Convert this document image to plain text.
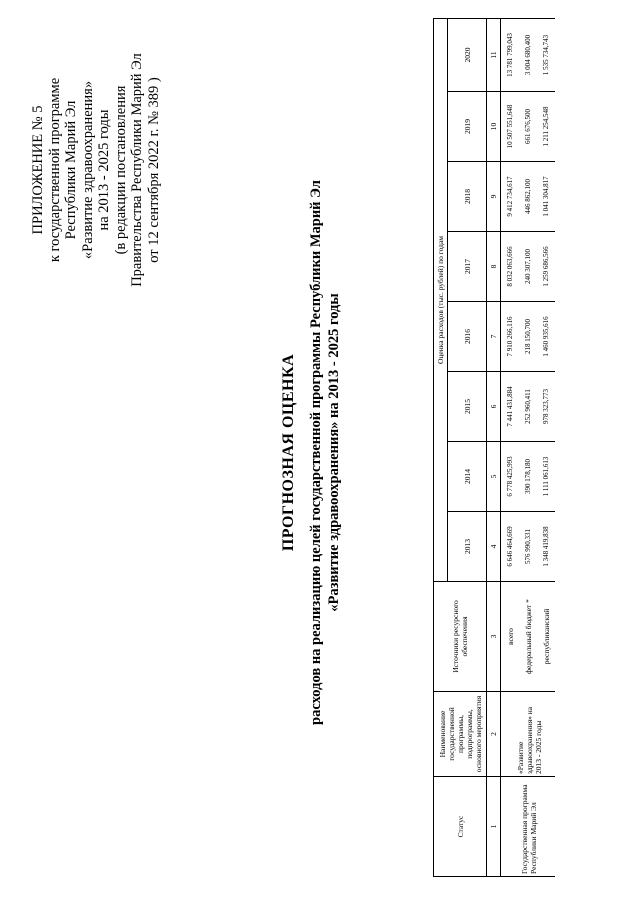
ПРИЛОЖЕНИЕ № 5 к государственной программе Республики Марий Эл «Развитие здравоохранения» на 2013 - 2025 годы (в редакции постановления Правительства Республики Марий Эл от 12 сентября 2022 г. № 389 )
ПРОГНОЗНАЯ ОЦЕНКА расходов на реализацию целей государственной программы Республики Марий Эл «Развитие здравоохранения» на 2013 - 2025 годы
Статус	Наименование государственной программы, подпрограммы, основного мероприятия	Источники ресурсного обеспечения	Оценка расходов (тыс. рублей) по годам							
			2013	2014	2015	2016	2017	2018	2019	2020
1	2	3	4	5	6	7	8	9	10	11
Государственная программа Республики Марий Эл	«Развитие здравоохранения» на 2013 - 2025 годы	всего	6 646 464,669	6 778 425,993	7 441 431,884	7 910 266,116	8 032 063,666	9 412 734,617	10 507 551,648	13 781 799,043
		федеральный бюджет *	576 990,331	390 178,180	252 960,411	218 150,700	240 307,100	446 862,100	661 676,500	3 004 680,400
		республиканский	1 348 419,838	1 111 061,613	978 323,773	1 460 935,616	1 259 686,566	1 041 304,817	1 211 254,548	1 535 734,743
